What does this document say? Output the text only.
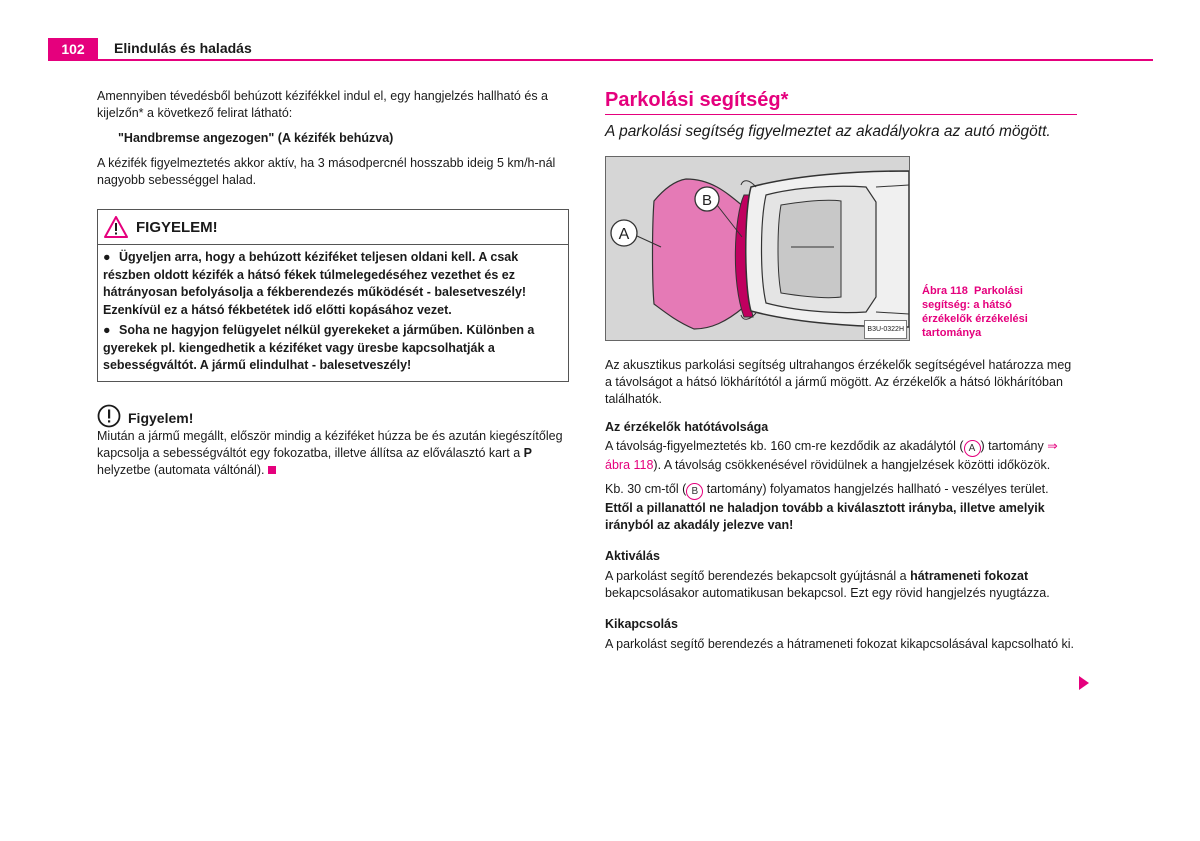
102	Elindulás és haladás

Amennyiben tévedésből behúzott kézifékkel indul el, egy hangjelzés hallható és a kijelzőn* a következő felirat látható:

"Handbremse angezogen" (A kézifék behúzva)

A kézifék figyelmeztetés akkor aktív, ha 3 másodpercnél hosszabb ideig 5 km/h-nál nagyobb sebességgel halad.

FIGYELEM!
● Ügyeljen arra, hogy a behúzott kéziféket teljesen oldani kell. A csak részben oldott kézifék a hátsó fékek túlmelegedéséhez vezethet és ez hátrányosan befolyásolja a fékberendezés működését - balesetveszély! Ezenkívül ez a hátsó fékbetétek idő előtti kopásához vezet.
● Soha ne hagyjon felügyelet nélkül gyerekeket a járműben. Különben a gyerekek pl. kiengedhetik a kéziféket vagy üresbe kapcsolhatják a sebességváltót. A jármű elindulhat - balesetveszély!
Figyelem!

Miután a jármű megállt, először mindig a kéziféket húzza be és azután kiegészítőleg kapcsolja a sebességváltót egy fokozatba, illetve állítsa az előválasztó kart a P helyzetbe (automata váltónál).

Parkolási segítség*
A parkolási segítség figyelmeztet az akadályokra az autó mögött.
A
B
B3U-0322H
Ábra 118 Parkolási segítség: a hátsó érzékelők érzékelési tartománya

Az akusztikus parkolási segítség ultrahangos érzékelők segítségével határozza meg a távolságot a hátsó lökhárítótól a jármű mögött. Az érzékelők a hátsó lökhárítóban találhatók.

Az érzékelők hatótávolsága

A távolság-figyelmeztetés kb. 160 cm-re kezdődik az akadálytól ( A ) tartomány ⇒ ábra 118). A távolság csökkenésével rövidülnek a hangjelzések közötti időközök.

Kb. 30 cm-től ( B tartomány) folyamatos hangjelzés hallható - veszélyes terület.

Ettől a pillanattól ne haladjon tovább a kiválasztott irányba, illetve amelyik irányból az akadály jelezve van!

Aktiválás

A parkolást segítő berendezés bekapcsolt gyújtásnál a hátrameneti fokozat bekapcsolásakor automatikusan bekapcsol. Ezt egy rövid hangjelzés nyugtázza.

Kikapcsolás

A parkolást segítő berendezés a hátrameneti fokozat kikapcsolásával kapcsolható ki.
